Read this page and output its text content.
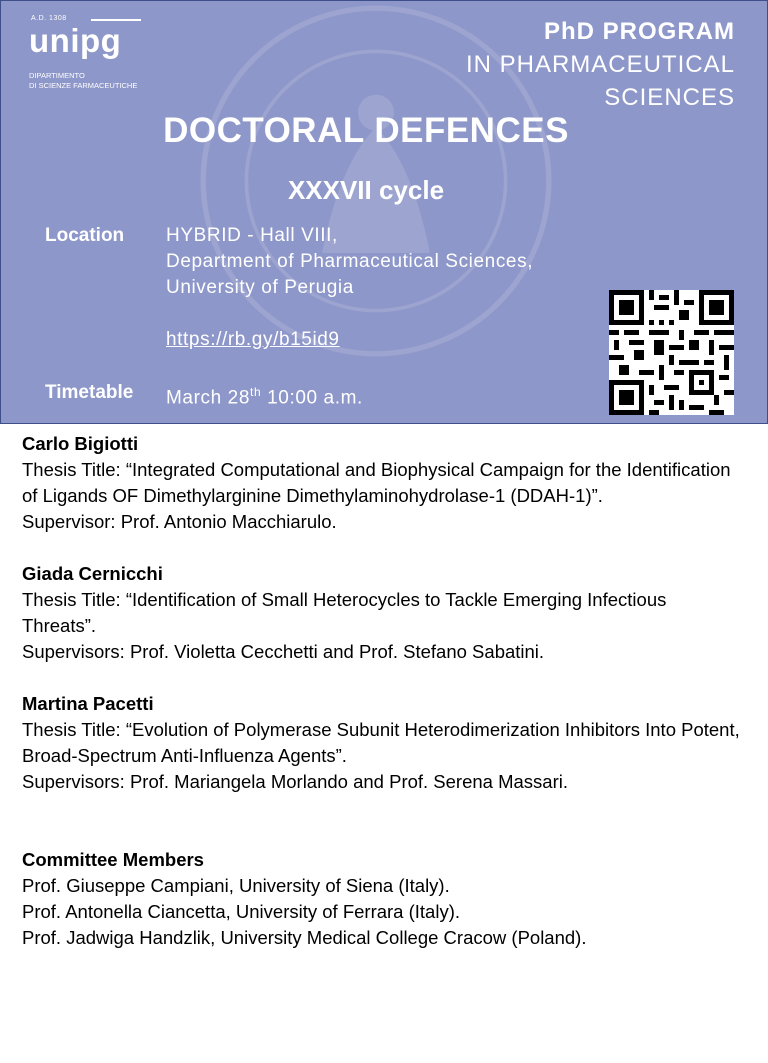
A.D. 1308
unipg
DIPARTIMENTO
DI SCIENZE FARMACEUTICHE
PhD PROGRAM
IN PHARMACEUTICAL
SCIENCES
DOCTORAL DEFENCES
XXXVII cycle
Location HYBRID - Hall VIII,
Department of Pharmaceutical Sciences,
University of Perugia
https://rb.gy/b15id9
Timetable March 28th 10:00 a.m.

Carlo Bigiotti

Thesis Title: “Integrated Computational and Biophysical Campaign for the Identification of Ligands OF Dimethylarginine Dimethylaminohydrolase-1 (DDAH-1)”.

Supervisor: Prof. Antonio Macchiarulo.

Giada Cernicchi

Thesis Title: “Identification of Small Heterocycles to Tackle Emerging Infectious Threats”.

Supervisors: Prof. Violetta Cecchetti and Prof. Stefano Sabatini.

Martina Pacetti

Thesis Title: “Evolution of Polymerase Subunit Heterodimerization Inhibitors Into Potent, Broad-Spectrum Anti-Influenza Agents”.

Supervisors: Prof. Mariangela Morlando and Prof. Serena Massari.

Committee Members

Prof. Giuseppe Campiani, University of Siena (Italy).

Prof. Antonella Ciancetta, University of Ferrara (Italy).

Prof. Jadwiga Handzlik, University Medical College Cracow (Poland).
